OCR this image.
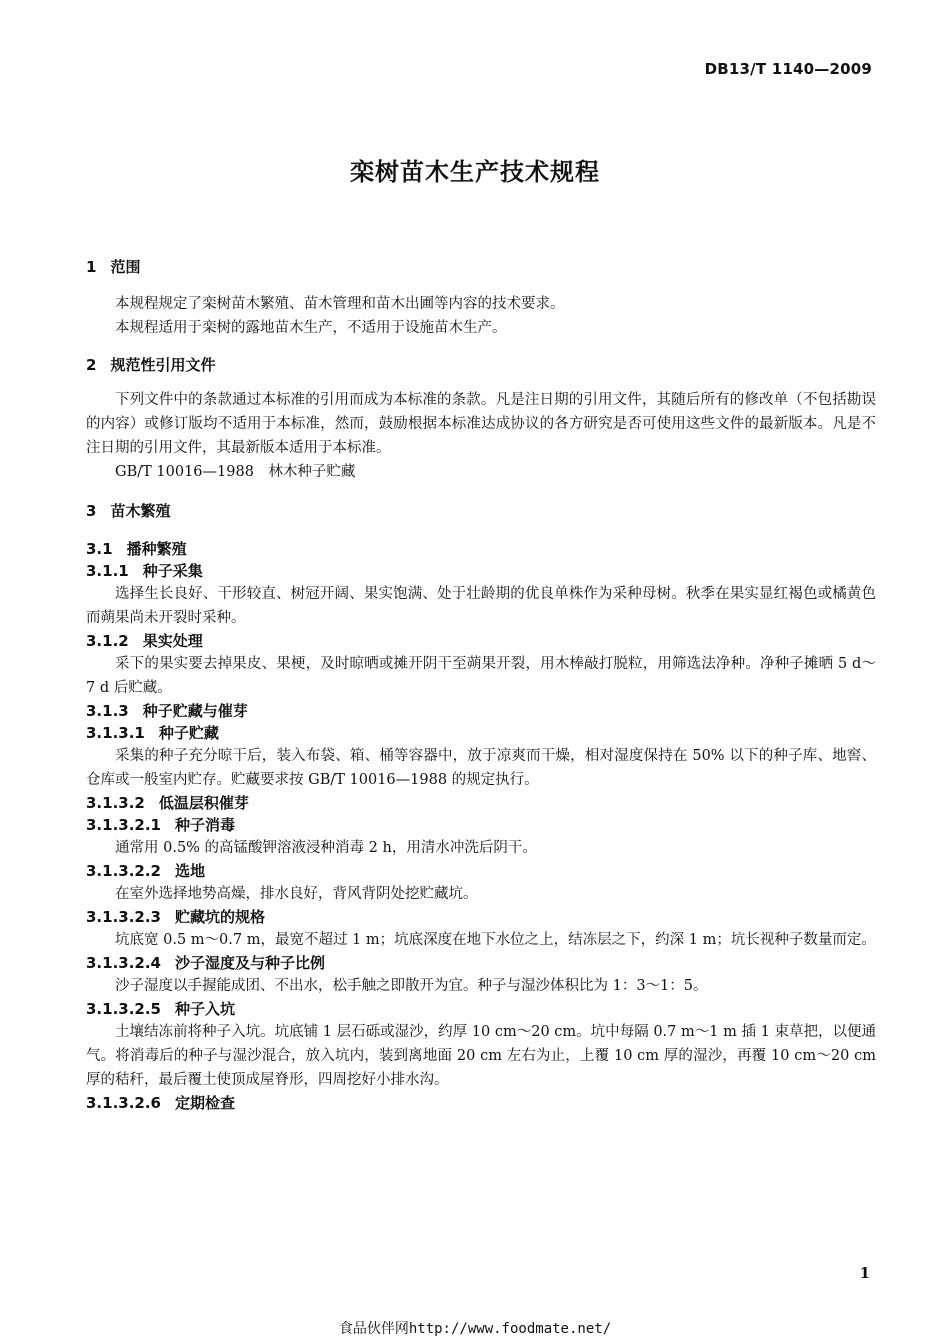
DB13/T 1140—2009
栾树苗木生产技术规程
1 范围
本规程规定了栾树苗木繁殖、苗木管理和苗木出圃等内容的技术要求。
本规程适用于栾树的露地苗木生产，不适用于设施苗木生产。
2 规范性引用文件
下列文件中的条款通过本标准的引用而成为本标准的条款。凡是注日期的引用文件，其随后所有的修改单（不包括勘误的内容）或修订版均不适用于本标准，然而，鼓励根据本标准达成协议的各方研究是否可使用这些文件的最新版本。凡是不注日期的引用文件，其最新版本适用于本标准。
GB/T 10016—1988　林木种子贮藏
3 苗木繁殖
3.1 播种繁殖
3.1.1 种子采集
选择生长良好、干形较直、树冠开阔、果实饱满、处于壮龄期的优良单株作为采种母树。秋季在果实显红褐色或橘黄色而蒴果尚未开裂时采种。
3.1.2 果实处理
采下的果实要去掉果皮、果梗，及时晾晒或摊开阴干至蒴果开裂，用木棒敲打脱粒，用筛选法净种。净种子摊晒 5 d～7 d 后贮藏。
3.1.3 种子贮藏与催芽
3.1.3.1 种子贮藏
采集的种子充分晾干后，装入布袋、箱、桶等容器中，放于凉爽而干燥，相对湿度保持在 50% 以下的种子库、地窖、仓库或一般室内贮存。贮藏要求按 GB/T 10016—1988 的规定执行。
3.1.3.2 低温层积催芽
3.1.3.2.1 种子消毒
通常用 0.5% 的高锰酸钾溶液浸种消毒 2 h，用清水冲洗后阴干。
3.1.3.2.2 选地
在室外选择地势高燥，排水良好，背风背阴处挖贮藏坑。
3.1.3.2.3 贮藏坑的规格
坑底宽 0.5 m～0.7 m，最宽不超过 1 m；坑底深度在地下水位之上，结冻层之下，约深 1 m；坑长视种子数量而定。
3.1.3.2.4 沙子湿度及与种子比例
沙子湿度以手握能成团、不出水，松手触之即散开为宜。种子与湿沙体积比为 1：3～1：5。
3.1.3.2.5 种子入坑
土壤结冻前将种子入坑。坑底铺 1 层石砾或湿沙，约厚 10 cm～20 cm。坑中每隔 0.7 m～1 m 插 1 束草把，以便通气。将消毒后的种子与湿沙混合，放入坑内，装到离地面 20 cm 左右为止，上覆 10 cm 厚的湿沙，再覆 10 cm～20 cm 厚的秸秆，最后覆土使顶成屋脊形，四周挖好小排水沟。
3.1.3.2.6 定期检查
1
食品伙伴网http://www.foodmate.net/
